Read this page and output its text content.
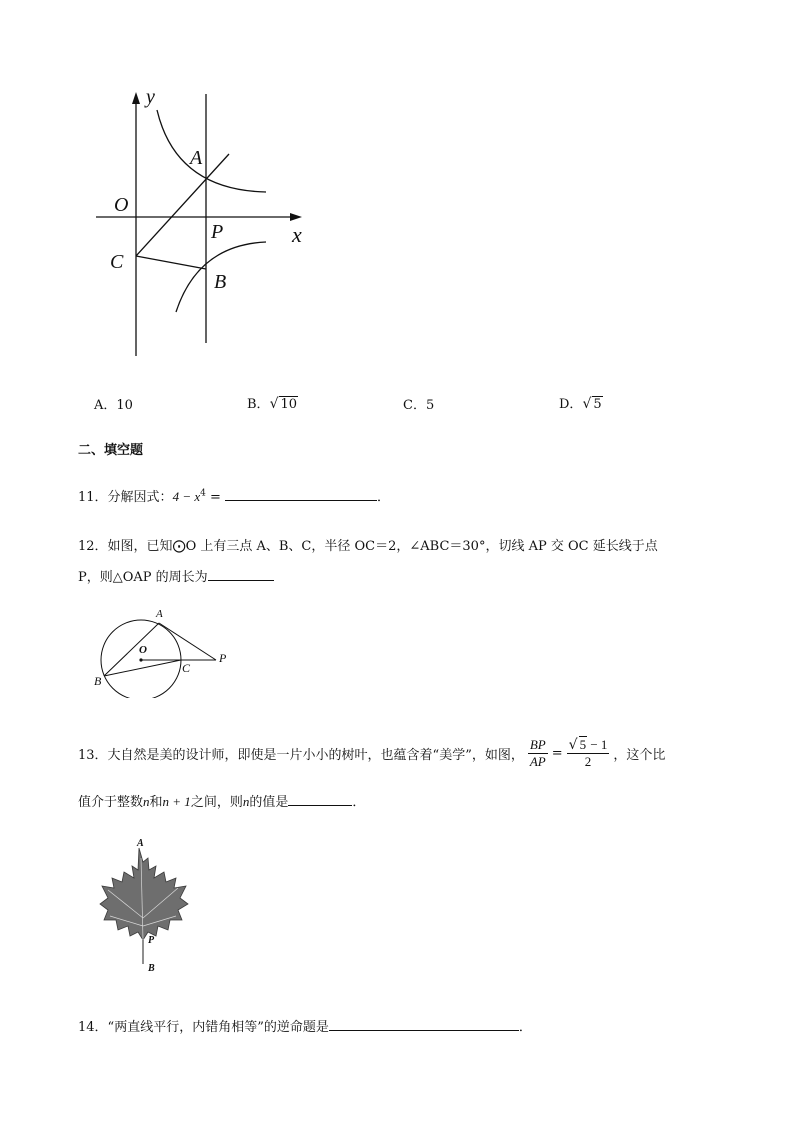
y
x
O
A
P
C
B
A．10	B．√ 10	C．5	D．√ 5
二、填空题
11．分解因式：$4 - x^4$ =	．
12．如图，已知⨀O 上有三点 A、B、C，半径 OC＝2，∠ABC＝30°，切线 AP 交 OC 延长线于点
P，则△OAP 的周长为
A
O
P
B
C
13． 大自然是美的设计师，即使是一片小小的树叶，也蕴含着“美学”，如图， $\frac{BP}{AP} = \frac{√ 5 - 1}{2}$ ，这个比
值介于整数n和n + 1之间，则n的值是	．
A
P
B
14．“两直线平行，内错角相等”的逆命题是	．
